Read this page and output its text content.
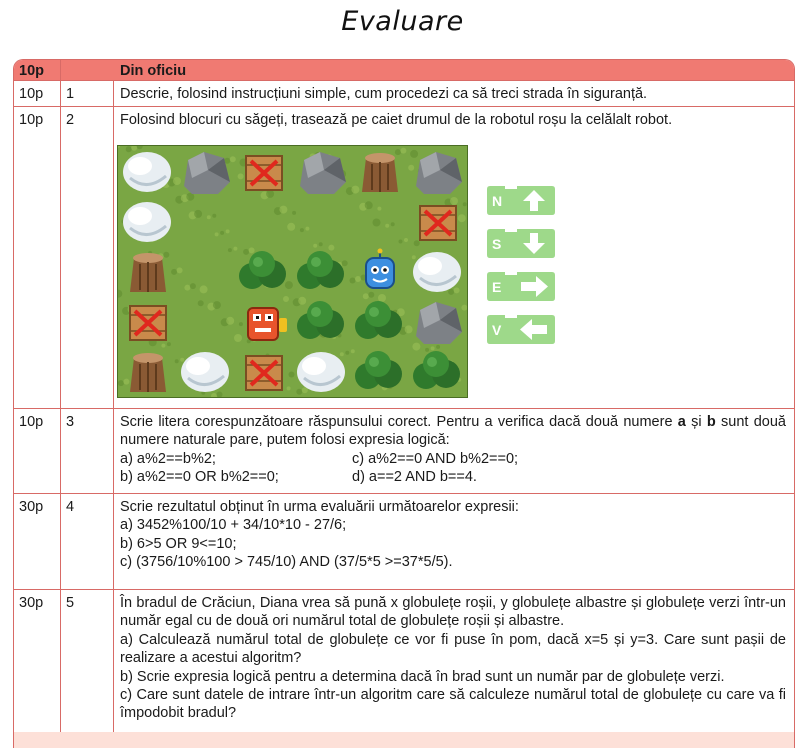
Evaluare
10p	Din oficiu
10p	1	Descrie, folosind instrucțiuni simple, cum procedezi ca să treci strada în siguranță.
10p	2	Folosind blocuri cu săgeți, trasează pe caiet drumul de la robotul roșu la celălalt robot.
10p	3	Scrie litera corespunzătoare răspunsului corect. Pentru a verifica dacă două numere a și b sunt două numere naturale pare, putem folosi expresia logică:
a) a%2==b%2;	c) a%2==0 AND b%2==0;
b) a%2==0 OR b%2==0;	d) a==2 AND b==4.
30p	4	Scrie rezultatul obținut în urma evaluării următoarelor expresii:
a) 3452%100/10 + 34/10*10 - 27/6;
b) 6>5 OR 9<=10;
c) (3756/10%100 > 745/10) AND (37/5*5 >=37*5/5).
30p	5	În bradul de Crăciun, Diana vrea să pună x globulețe roșii, y globulețe albastre și globulețe verzi într-un număr egal cu de două ori numărul total de globulețe roșii și albastre.
a) Calculează numărul total de globulețe ce vor fi puse în pom, dacă x=5 și y=3. Care sunt pașii de realizare a acestui algoritm?
b) Scrie expresia logică pentru a determina dacă în brad sunt un număr par de globulețe verzi.
c) Care sunt datele de intrare într-un algoritm care să calculeze numărul total de globulețe cu care va fi împodobit bradul?
N
S
E
V
